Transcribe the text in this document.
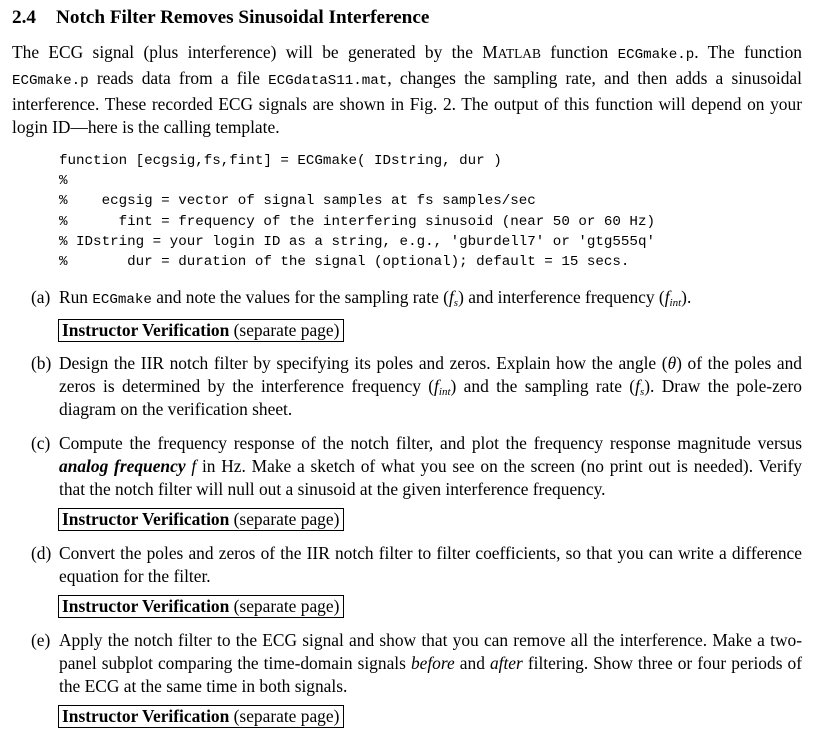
2.4 Notch Filter Removes Sinusoidal Interference

The ECG signal (plus interference) will be generated by the MATLAB function ECGmake.p. The function ECGmake.p reads data from a file ECGdataS11.mat, changes the sampling rate, and then adds a sinusoidal interference. These recorded ECG signals are shown in Fig. 2. The output of this function will depend on your login ID—here is the calling template.

function [ecgsig,fs,fint] = ECGmake( IDstring, dur )
%
%    ecgsig = vector of signal samples at fs samples/sec
%      fint = frequency of the interfering sinusoid (near 50 or 60 Hz)
% IDstring = your login ID as a string, e.g., 'gburdell7' or 'gtg555q'
%       dur = duration of the signal (optional); default = 15 secs.
(a) Run ECGmake and note the values for the sampling rate $(f_s)$ and interference frequency $(f_{int})$.
Instructor Verification (separate page)
(b) Design the IIR notch filter by specifying its poles and zeros. Explain how the angle (θ) of the poles and zeros is determined by the interference frequency $(f_{int})$ and the sampling rate $(f_s)$. Draw the pole-zero diagram on the verification sheet.
(c) Compute the frequency response of the notch filter, and plot the frequency response magnitude versus analog frequency f in Hz. Make a sketch of what you see on the screen (no print out is needed). Verify that the notch filter will null out a sinusoid at the given interference frequency.
Instructor Verification (separate page)
(d) Convert the poles and zeros of the IIR notch filter to filter coefficients, so that you can write a difference equation for the filter.
Instructor Verification (separate page)
(e) Apply the notch filter to the ECG signal and show that you can remove all the interference. Make a two-panel subplot comparing the time-domain signals before and after filtering. Show three or four periods of the ECG at the same time in both signals.
Instructor Verification (separate page)
